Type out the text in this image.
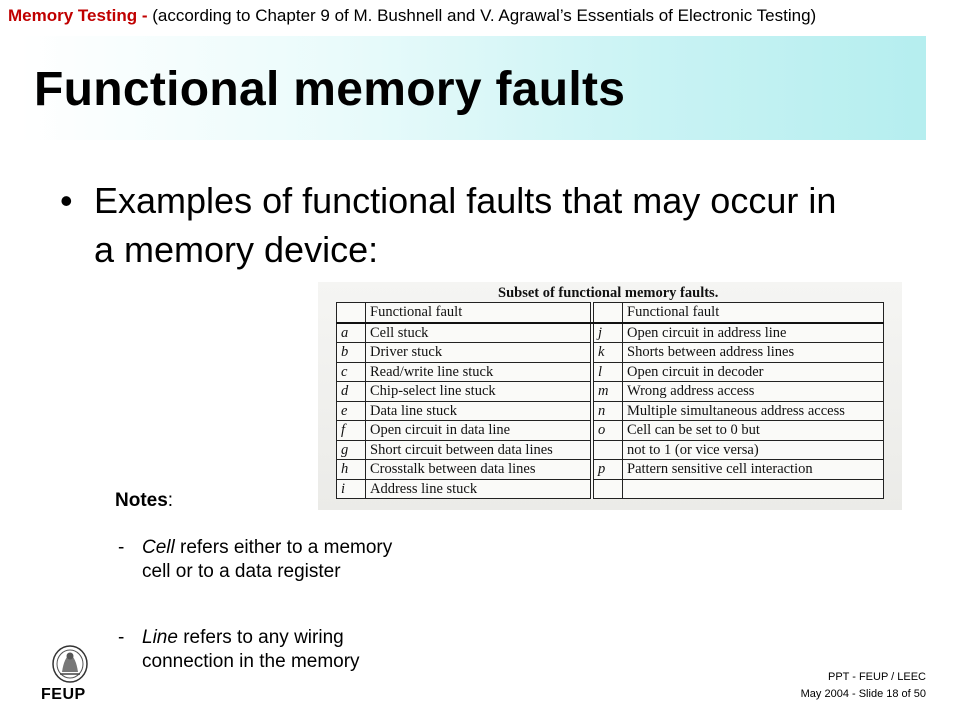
Memory Testing - (according to Chapter 9 of M. Bushnell and V. Agrawal’s Essentials of Electronic Testing)
Functional memory faults
• Examples of functional faults that may occur in a memory device:
Subset of functional memory faults.
	Functional fault			Functional fault
a	Cell stuck		j	Open circuit in address line
b	Driver stuck		k	Shorts between address lines
c	Read/write line stuck		l	Open circuit in decoder
d	Chip-select line stuck		m	Wrong address access
e	Data line stuck		n	Multiple simultaneous address access
f	Open circuit in data line		o	Cell can be set to 0 but
g	Short circuit between data lines			not to 1 (or vice versa)
h	Crosstalk between data lines		p	Pattern sensitive cell interaction
i	Address line stuck			
Notes:
- Cell refers either to a memory cell or to a data register
- Line refers to any wiring connection in the memory
FEUP
PPT - FEUP / LEEC
May 2004 - Slide 18 of 50
